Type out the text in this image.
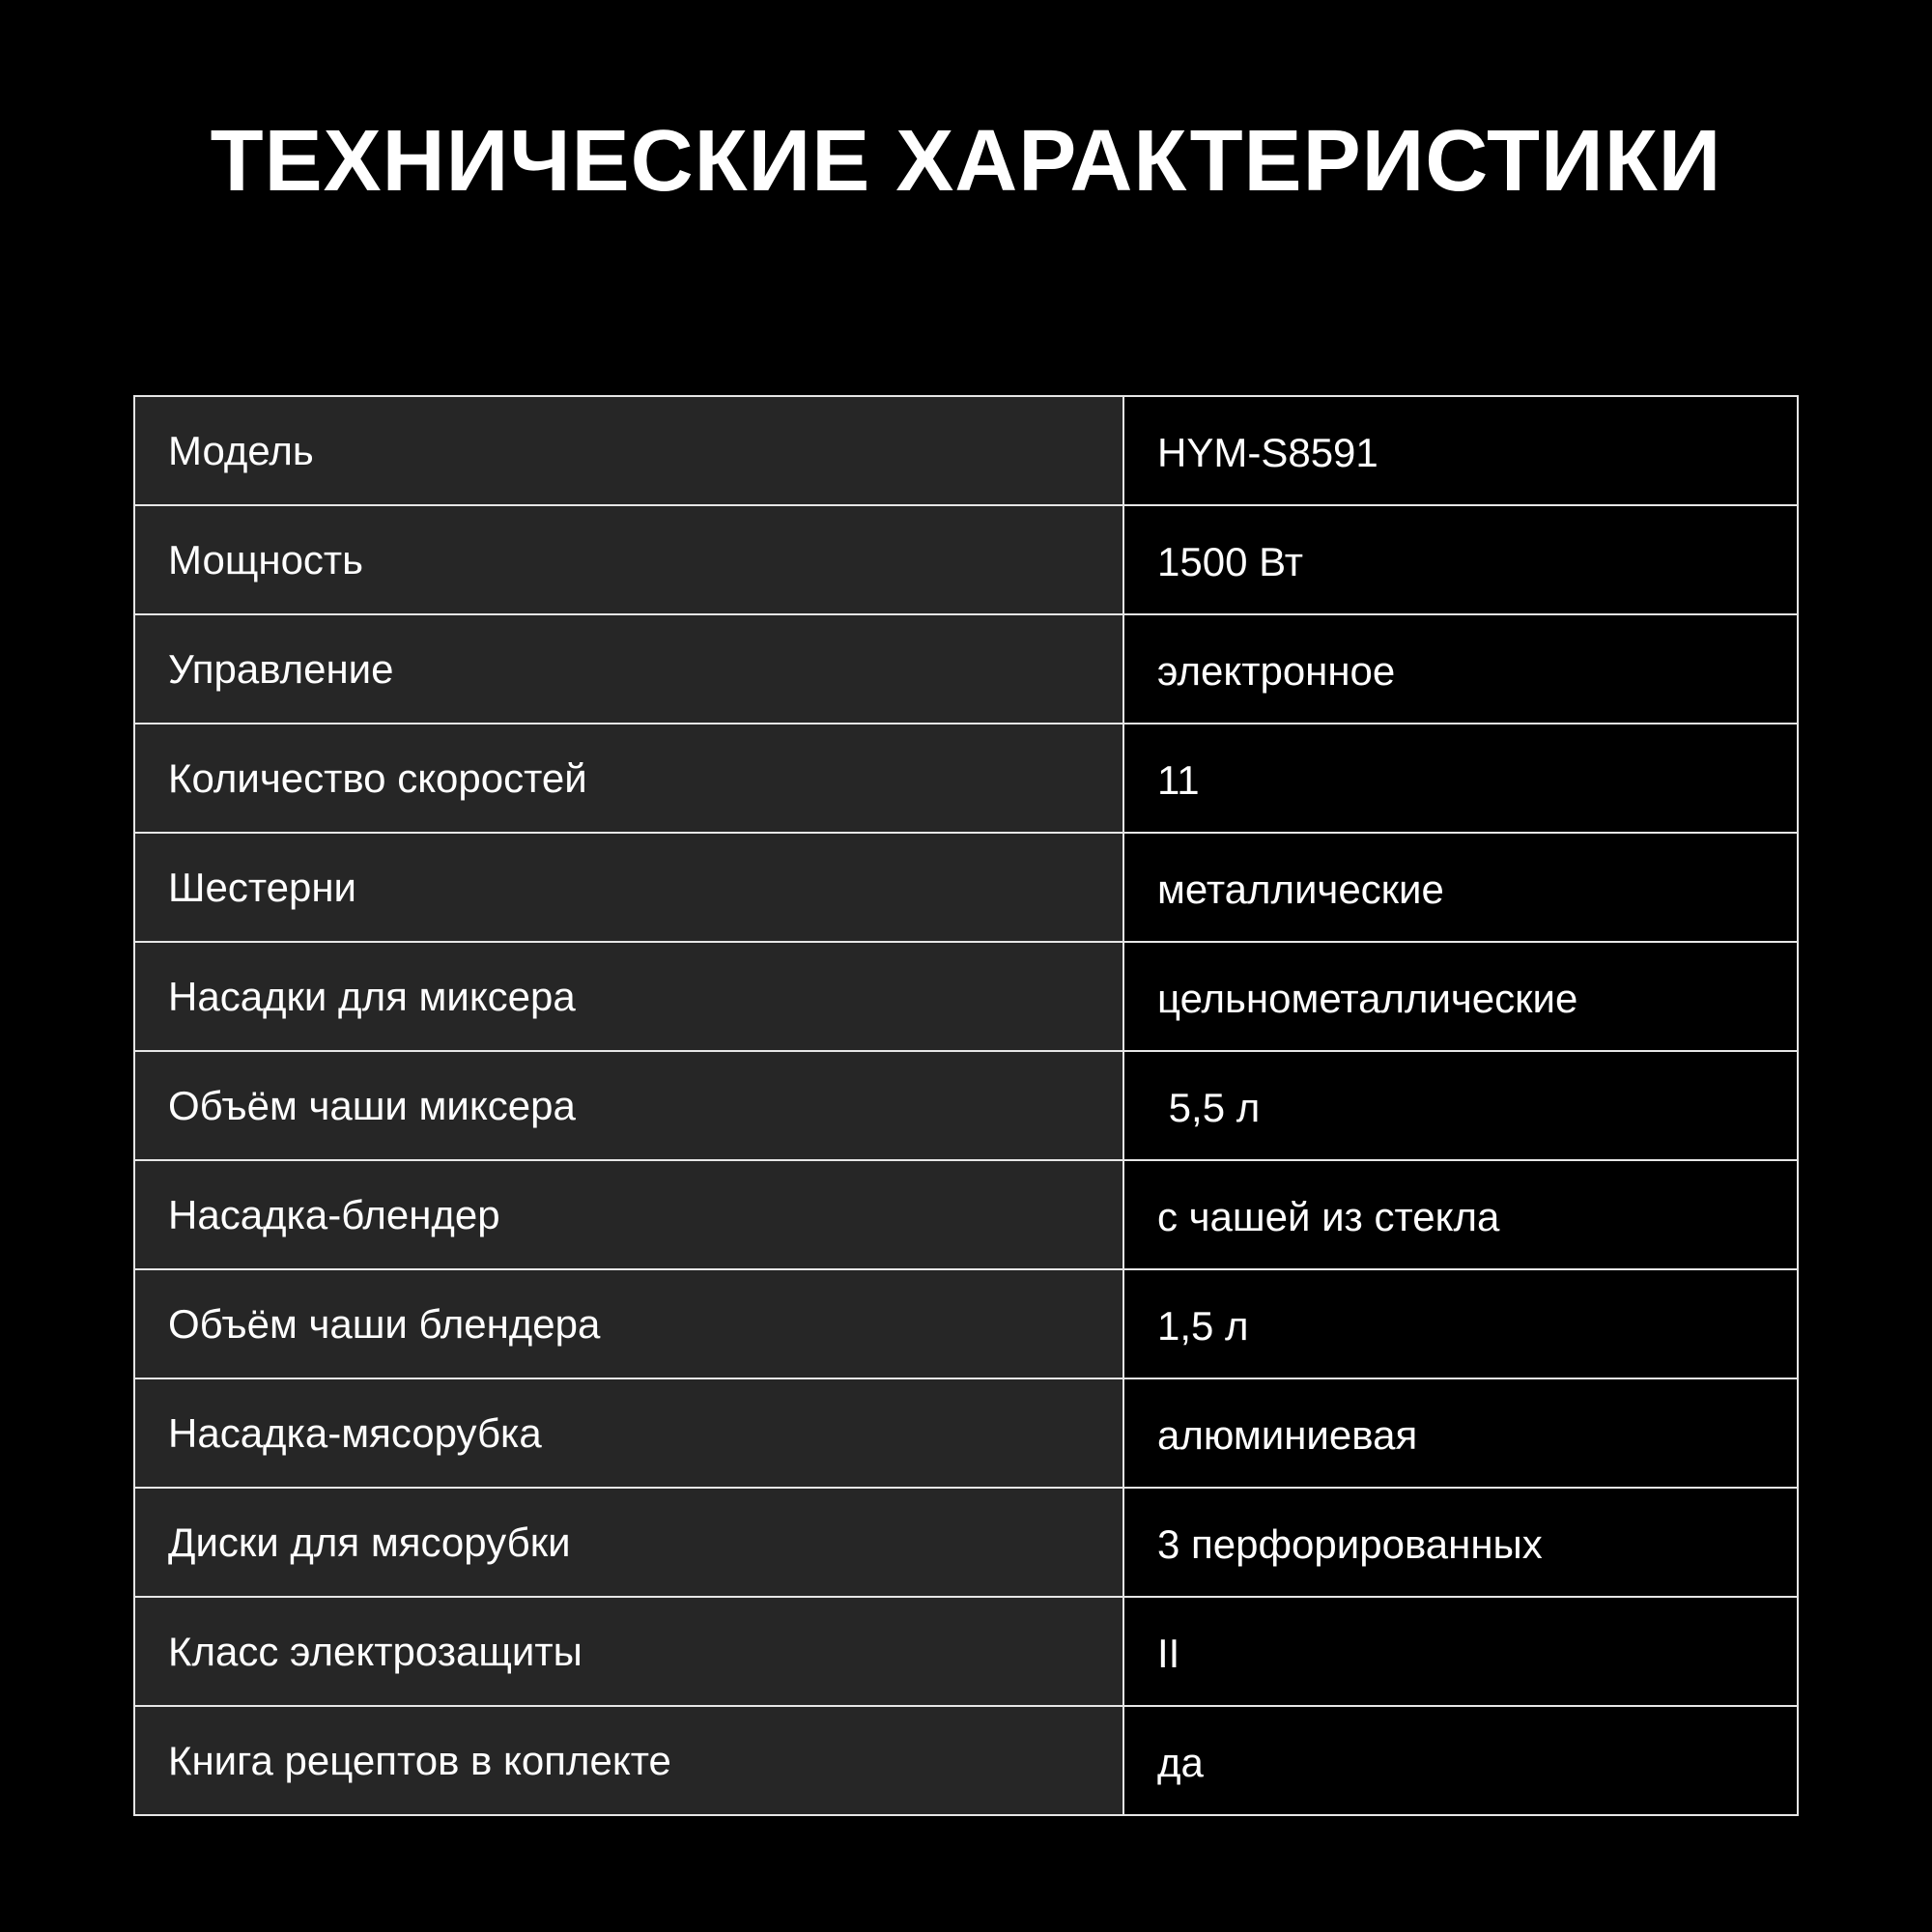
ТЕХНИЧЕСКИЕ ХАРАКТЕРИСТИКИ
Модель	HYM-S8591
Мощность	1500 Вт
Управление	электронное
Количество скоростей	11
Шестерни	металлические
Насадки для миксера	цельнометаллические
Объём чаши миксера	5,5 л
Насадка-блендер	с чашей из стекла
Объём чаши блендера	1,5 л
Насадка-мясорубка	алюминиевая
Диски для мясорубки	3 перфорированных
Класс электрозащиты	II
Книга рецептов в коплекте	да
